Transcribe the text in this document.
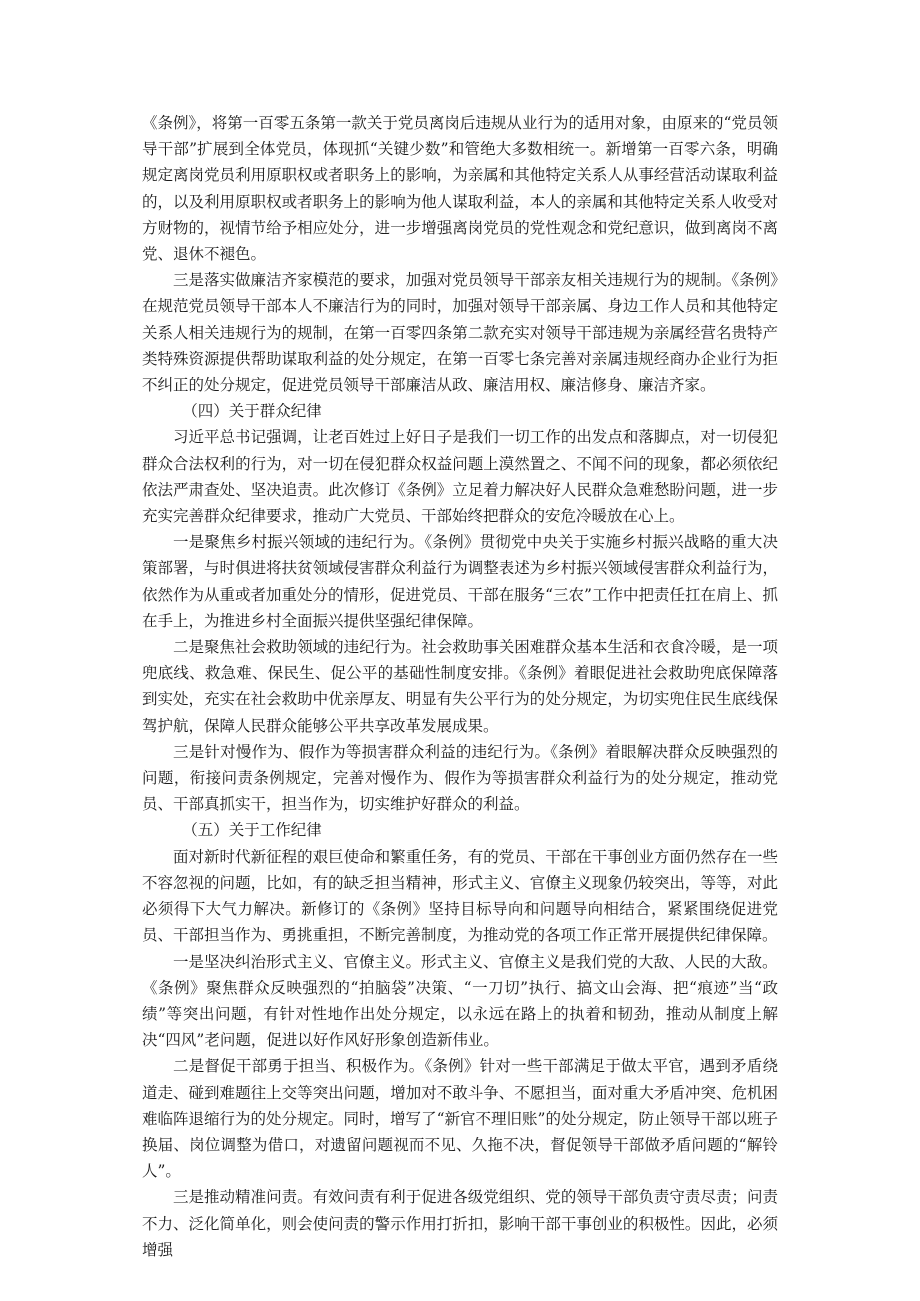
《条例》，将第一百零五条第一款关于党员离岗后违规从业行为的适用对象，由原来的“党员领导干部”扩展到全体党员，体现抓“关键少数”和管绝大多数相统一。新增第一百零六条，明确规定离岗党员利用原职权或者职务上的影响，为亲属和其他特定关系人从事经营活动谋取利益的，以及利用原职权或者职务上的影响为他人谋取利益，本人的亲属和其他特定关系人收受对方财物的，视情节给予相应处分，进一步增强离岗党员的党性观念和党纪意识，做到离岗不离党、退休不褪色。

三是落实做廉洁齐家模范的要求，加强对党员领导干部亲友相关违规行为的规制。《条例》在规范党员领导干部本人不廉洁行为的同时，加强对领导干部亲属、身边工作人员和其他特定关系人相关违规行为的规制，在第一百零四条第二款充实对领导干部违规为亲属经营名贵特产类特殊资源提供帮助谋取利益的处分规定，在第一百零七条完善对亲属违规经商办企业行为拒不纠正的处分规定，促进党员领导干部廉洁从政、廉洁用权、廉洁修身、廉洁齐家。

（四）关于群众纪律

习近平总书记强调，让老百姓过上好日子是我们一切工作的出发点和落脚点，对一切侵犯群众合法权利的行为，对一切在侵犯群众权益问题上漠然置之、不闻不问的现象，都必须依纪依法严肃查处、坚决追责。此次修订《条例》立足着力解决好人民群众急难愁盼问题，进一步充实完善群众纪律要求，推动广大党员、干部始终把群众的安危冷暖放在心上。

一是聚焦乡村振兴领域的违纪行为。《条例》贯彻党中央关于实施乡村振兴战略的重大决策部署，与时俱进将扶贫领域侵害群众利益行为调整表述为乡村振兴领域侵害群众利益行为，依然作为从重或者加重处分的情形，促进党员、干部在服务“三农”工作中把责任扛在肩上、抓在手上，为推进乡村全面振兴提供坚强纪律保障。

二是聚焦社会救助领域的违纪行为。社会救助事关困难群众基本生活和衣食冷暖，是一项兜底线、救急难、保民生、促公平的基础性制度安排。《条例》着眼促进社会救助兜底保障落到实处，充实在社会救助中优亲厚友、明显有失公平行为的处分规定，为切实兜住民生底线保驾护航，保障人民群众能够公平共享改革发展成果。

三是针对慢作为、假作为等损害群众利益的违纪行为。《条例》着眼解决群众反映强烈的问题，衔接问责条例规定，完善对慢作为、假作为等损害群众利益行为的处分规定，推动党员、干部真抓实干，担当作为，切实维护好群众的利益。

（五）关于工作纪律

面对新时代新征程的艰巨使命和繁重任务，有的党员、干部在干事创业方面仍然存在一些不容忽视的问题，比如，有的缺乏担当精神，形式主义、官僚主义现象仍较突出，等等，对此必须得下大气力解决。新修订的《条例》坚持目标导向和问题导向相结合，紧紧围绕促进党员、干部担当作为、勇挑重担，不断完善制度，为推动党的各项工作正常开展提供纪律保障。

一是坚决纠治形式主义、官僚主义。形式主义、官僚主义是我们党的大敌、人民的大敌。

《条例》聚焦群众反映强烈的“拍脑袋”决策、“一刀切”执行、搞文山会海、把“痕迹”当“政绩”等突出问题，有针对性地作出处分规定，以永远在路上的执着和韧劲，推动从制度上解决“四风”老问题，促进以好作风好形象创造新伟业。

二是督促干部勇于担当、积极作为。《条例》针对一些干部满足于做太平官，遇到矛盾绕道走、碰到难题往上交等突出问题，增加对不敢斗争、不愿担当，面对重大矛盾冲突、危机困难临阵退缩行为的处分规定。同时，增写了“新官不理旧账”的处分规定，防止领导干部以班子换届、岗位调整为借口，对遗留问题视而不见、久拖不决，督促领导干部做矛盾问题的“解铃人”。

三是推动精准问责。有效问责有利于促进各级党组织、党的领导干部负责守责尽责；问责不力、泛化简单化，则会使问责的警示作用打折扣，影响干部干事创业的积极性。因此，必须增强
